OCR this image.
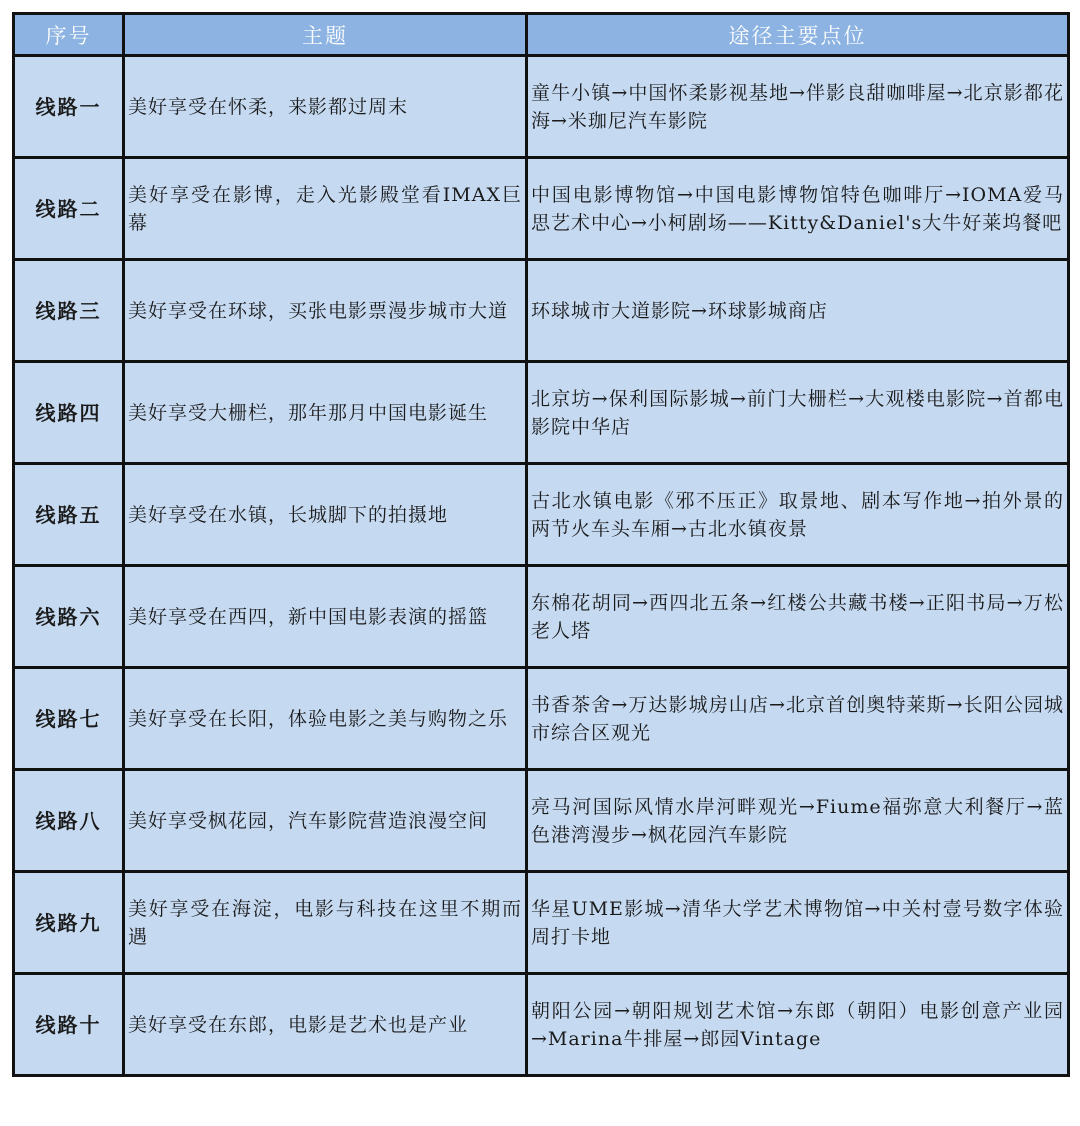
序号	主题	途径主要点位
线路一	美好享受在怀柔，来影都过周末	童牛小镇→中国怀柔影视基地→伴影良甜咖啡屋→北京影都花海→米珈尼汽车影院
线路二	美好享受在影博，走入光影殿堂看IMAX巨幕	中国电影博物馆→中国电影博物馆特色咖啡厅→IOMA爱马思艺术中心→小柯剧场——Kitty&Daniel's大牛好莱坞餐吧
线路三	美好享受在环球，买张电影票漫步城市大道	环球城市大道影院→环球影城商店
线路四	美好享受大栅栏，那年那月中国电影诞生	北京坊→保利国际影城→前门大栅栏→大观楼电影院→首都电影院中华店
线路五	美好享受在水镇，长城脚下的拍摄地	古北水镇电影《邪不压正》取景地、剧本写作地→拍外景的两节火车头车厢→古北水镇夜景
线路六	美好享受在西四，新中国电影表演的摇篮	东棉花胡同→西四北五条→红楼公共藏书楼→正阳书局→万松老人塔
线路七	美好享受在长阳，体验电影之美与购物之乐	书香茶舍→万达影城房山店→北京首创奥特莱斯→长阳公园城市综合区观光
线路八	美好享受枫花园，汽车影院营造浪漫空间	亮马河国际风情水岸河畔观光→Fiume福弥意大利餐厅→蓝色港湾漫步→枫花园汽车影院
线路九	美好享受在海淀，电影与科技在这里不期而遇	华星UME影城→清华大学艺术博物馆→中关村壹号数字体验周打卡地
线路十	美好享受在东郎，电影是艺术也是产业	朝阳公园→朝阳规划艺术馆→东郎（朝阳）电影创意产业园→Marina牛排屋→郎园Vintage
